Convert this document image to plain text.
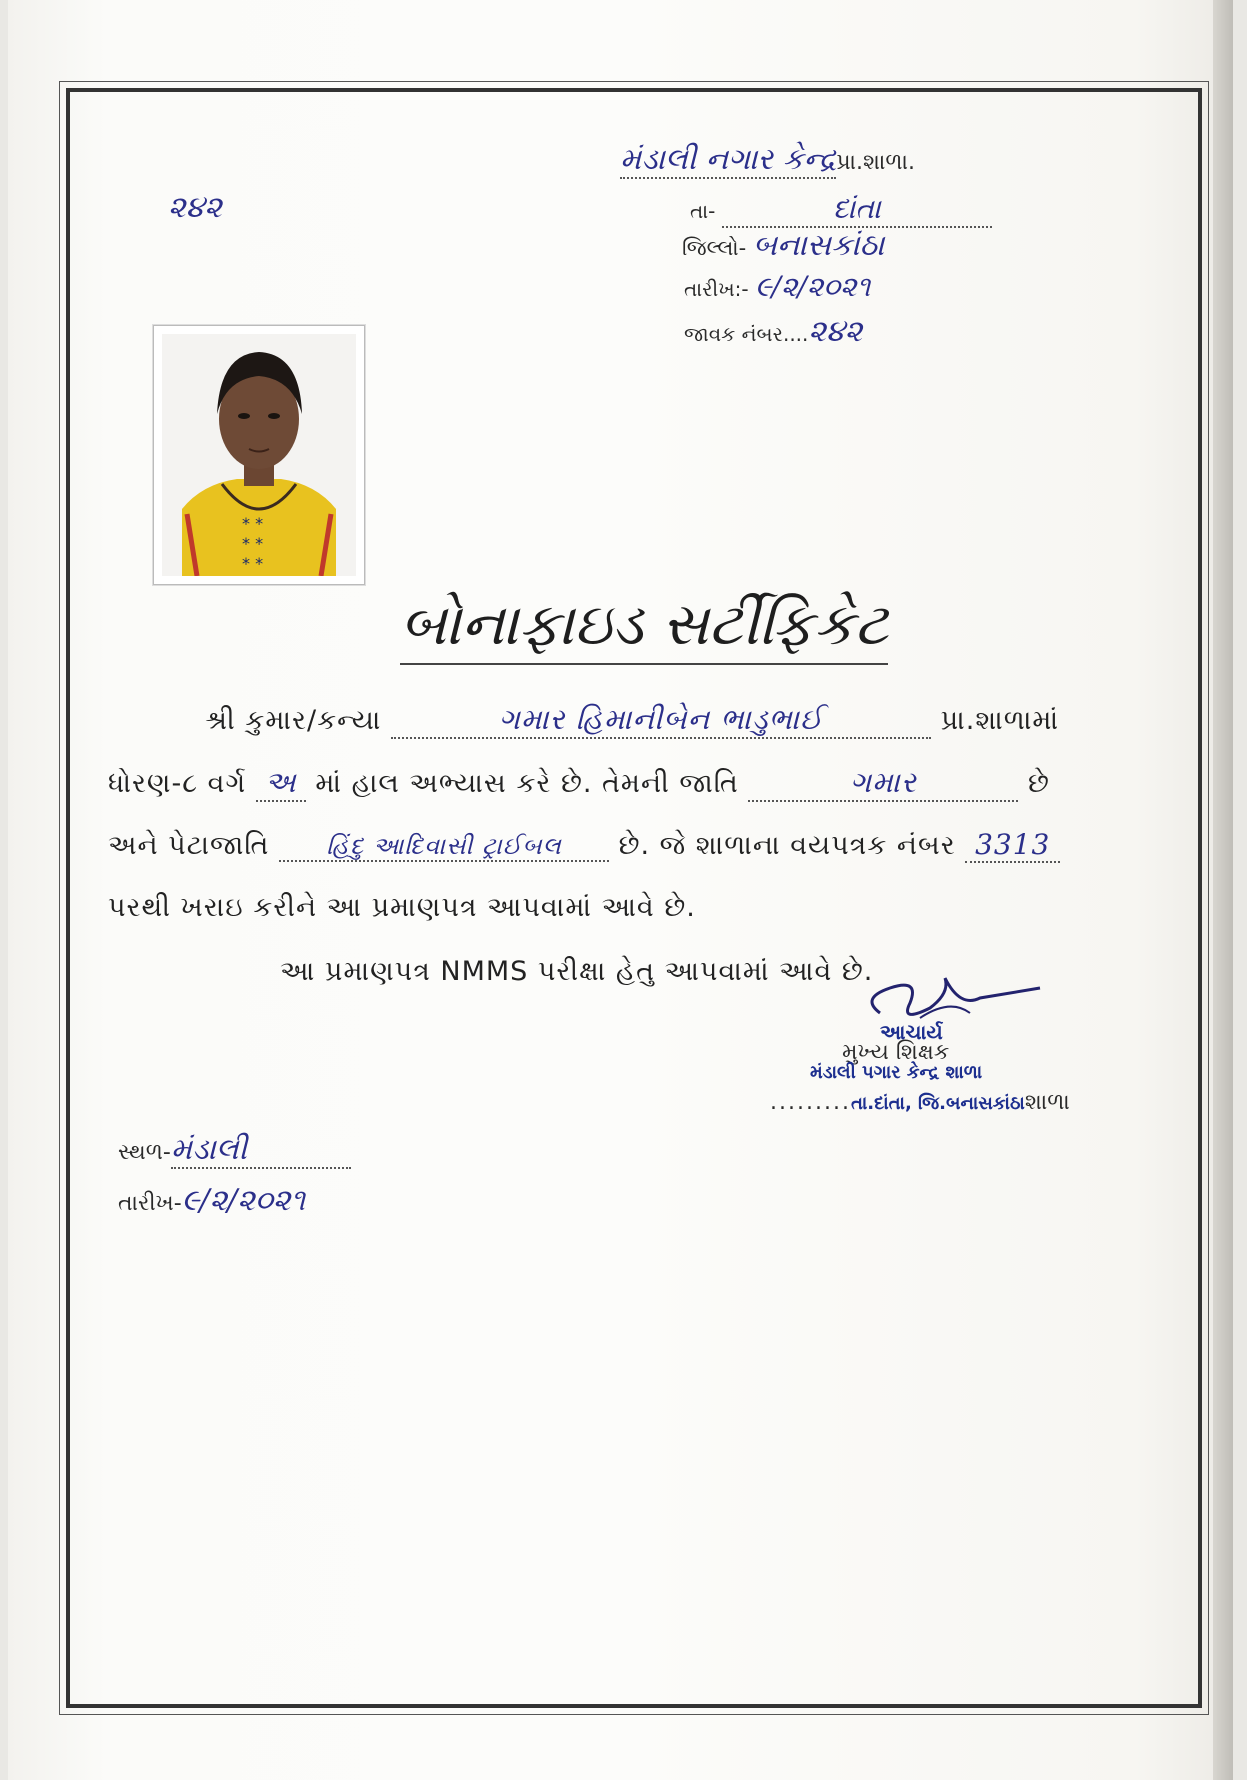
૨૪૨
મંડાલી નગાર કેન્દ્રપ્રા.શાળા.
તા-	દાંતા
જિલ્લો- બનાસકાંઠા
તારીખ:- ૯/૨/૨૦૨૧
જાવક નંબર....૨૪૨
* *
* *
* *
બોનાફાઇડ સર્ટીફિકેટ
શ્રી કુમાર/કન્યા	ગમાર હિમાનીબેન ભાડુભાઈ	પ્રા.શાળામાં
ધોરણ-૮ વર્ગ અ માં હાલ અભ્યાસ કરે છે. તેમની જાતિ	ગમાર	છે
અને પેટાજાતિ હિંદુ આદિવાસી ટ્રાઈબલ છે. જે શાળાના વયપત્રક નંબર 3313
પરથી ખરાઇ કરીને આ પ્રમાણપત્ર આપવામાં આવે છે.
આ પ્રમાણપત્ર NMMS પરીક્ષા હેતુ આપવામાં આવે છે.
આચાર્ય
મુખ્ય શિક્ષક
મંડાલી પગાર કેન્દ્ર શાળા
.........તા.દાંતા, જિ.બનાસકાંઠાશાળા
સ્થળ-મંડાલી
તારીખ-૯/૨/૨૦૨૧
